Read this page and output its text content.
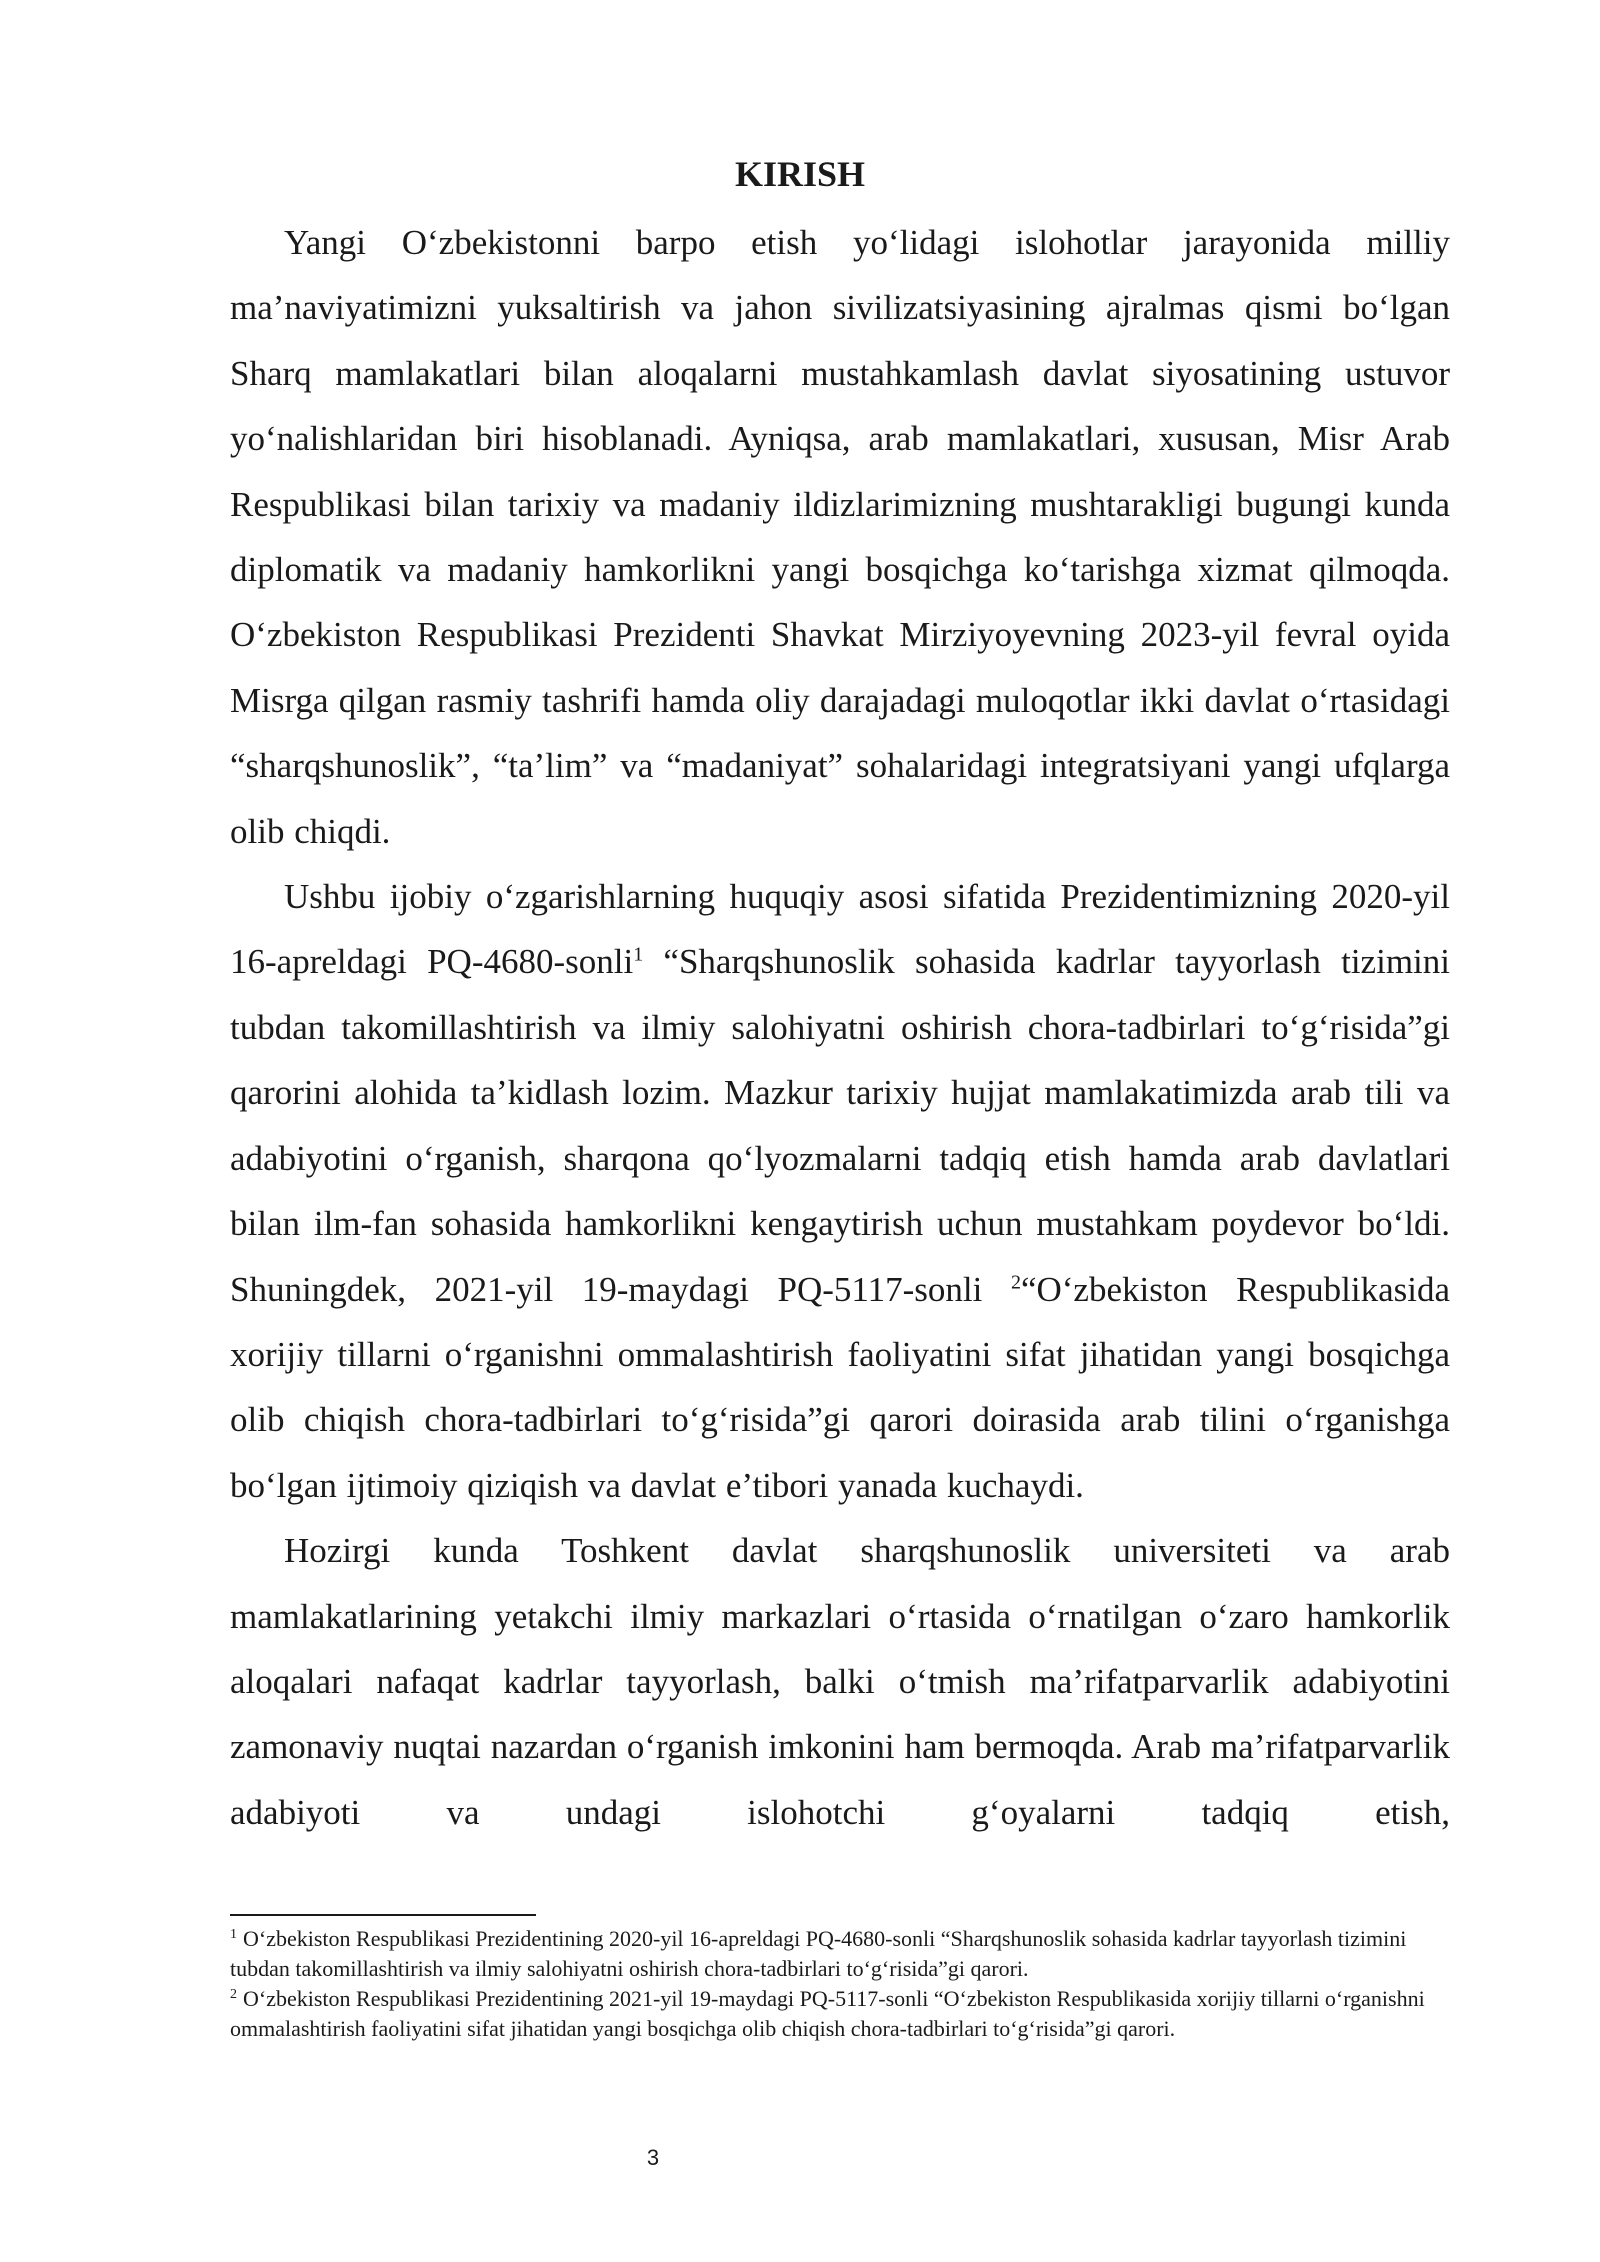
KIRISH

Yangi O‘zbekistonni barpo etish yo‘lidagi islohotlar jarayonida milliy ma’naviyatimizni yuksaltirish va jahon sivilizatsiyasining ajralmas qismi bo‘lgan Sharq mamlakatlari bilan aloqalarni mustahkamlash davlat siyosatining ustuvor yo‘nalishlaridan biri hisoblanadi. Ayniqsa, arab mamlakatlari, xususan, Misr Arab Respublikasi bilan tarixiy va madaniy ildizlarimizning mushtarakligi bugungi kunda diplomatik va madaniy hamkorlikni yangi bosqichga ko‘tarishga xizmat qilmoqda. O‘zbekiston Respublikasi Prezidenti Shavkat Mirziyoyevning 2023-yil fevral oyida Misrga qilgan rasmiy tashrifi hamda oliy darajadagi muloqotlar ikki davlat o‘rtasidagi “sharqshunoslik”, “ta’lim” va “madaniyat” sohalaridagi integratsiyani yangi ufqlarga olib chiqdi.

Ushbu ijobiy o‘zgarishlarning huquqiy asosi sifatida Prezidentimizning 2020-yil 16-apreldagi PQ-4680-sonli$^1$ “Sharqshunoslik sohasida kadrlar tayyorlash tizimini tubdan takomillashtirish va ilmiy salohiyatni oshirish chora-tadbirlari to‘g‘risida”gi qarorini alohida ta’kidlash lozim. Mazkur tarixiy hujjat mamlakatimizda arab tili va adabiyotini o‘rganish, sharqona qo‘lyozmalarni tadqiq etish hamda arab davlatlari bilan ilm-fan sohasida hamkorlikni kengaytirish uchun mustahkam poydevor bo‘ldi. Shuningdek, 2021-yil 19-maydagi PQ-5117-sonli $^2$“O‘zbekiston Respublikasida xorijiy tillarni o‘rganishni ommalashtirish faoliyatini sifat jihatidan yangi bosqichga olib chiqish chora-tadbirlari to‘g‘risida”gi qarori doirasida arab tilini o‘rganishga bo‘lgan ijtimoiy qiziqish va davlat e’tibori yanada kuchaydi.

Hozirgi kunda Toshkent davlat sharqshunoslik universiteti va arab mamlakatlarining yetakchi ilmiy markazlari o‘rtasida o‘rnatilgan o‘zaro hamkorlik aloqalari nafaqat kadrlar tayyorlash, balki o‘tmish ma’rifatparvarlik adabiyotini zamonaviy nuqtai nazardan o‘rganish imkonini ham bermoqda. Arab ma’rifatparvarlik adabiyoti va undagi islohotchi g‘oyalarni tadqiq etish,

$^1$ O‘zbekiston Respublikasi Prezidentining 2020-yil 16-apreldagi PQ-4680-sonli “Sharqshunoslik sohasida kadrlar tayyorlash tizimini tubdan takomillashtirish va ilmiy salohiyatni oshirish chora-tadbirlari to‘g‘risida”gi qarori.

$^2$ O‘zbekiston Respublikasi Prezidentining 2021-yil 19-maydagi PQ-5117-sonli “O‘zbekiston Respublikasida xorijiy tillarni o‘rganishni ommalashtirish faoliyatini sifat jihatidan yangi bosqichga olib chiqish chora-tadbirlari to‘g‘risida”gi qarori.

3
